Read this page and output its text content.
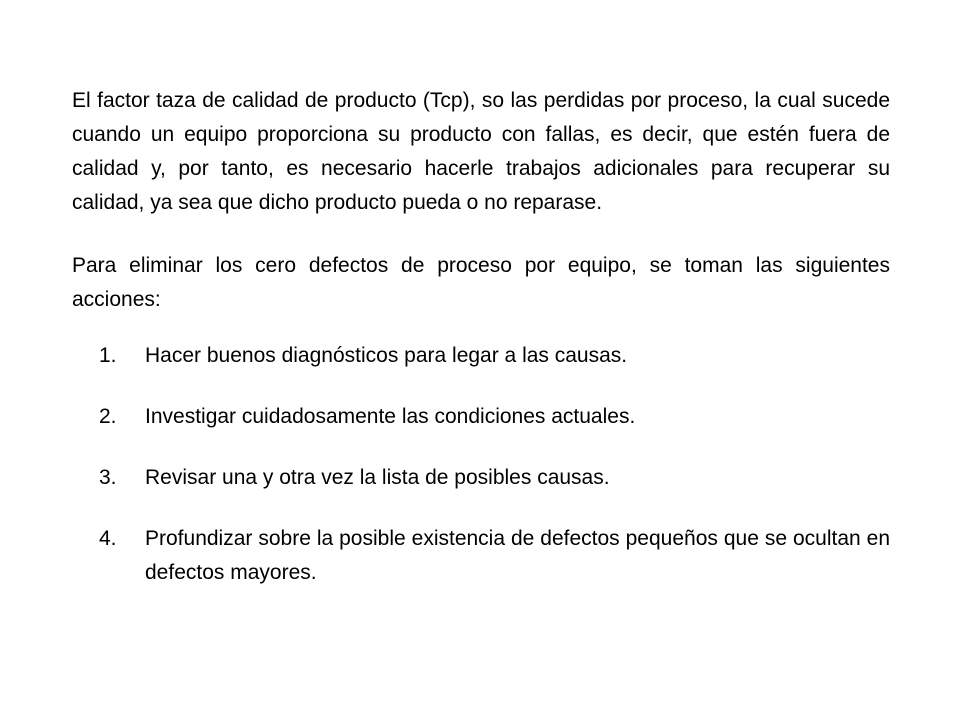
El factor taza de calidad de producto (Tcp), so las perdidas por proceso, la cual sucede cuando un equipo proporciona su producto con fallas, es decir, que estén fuera de calidad y, por tanto, es necesario hacerle trabajos adicionales para recuperar su calidad, ya sea que dicho producto pueda o no reparase.

Para eliminar los cero defectos de proceso por equipo, se toman las siguientes acciones:

1.	Hacer buenos diagnósticos para legar a las causas.
2.	Investigar cuidadosamente las condiciones actuales.
3.	Revisar una y otra vez la lista de posibles causas.
4.	Profundizar sobre la posible existencia de defectos pequeños que se ocultan en defectos mayores.
